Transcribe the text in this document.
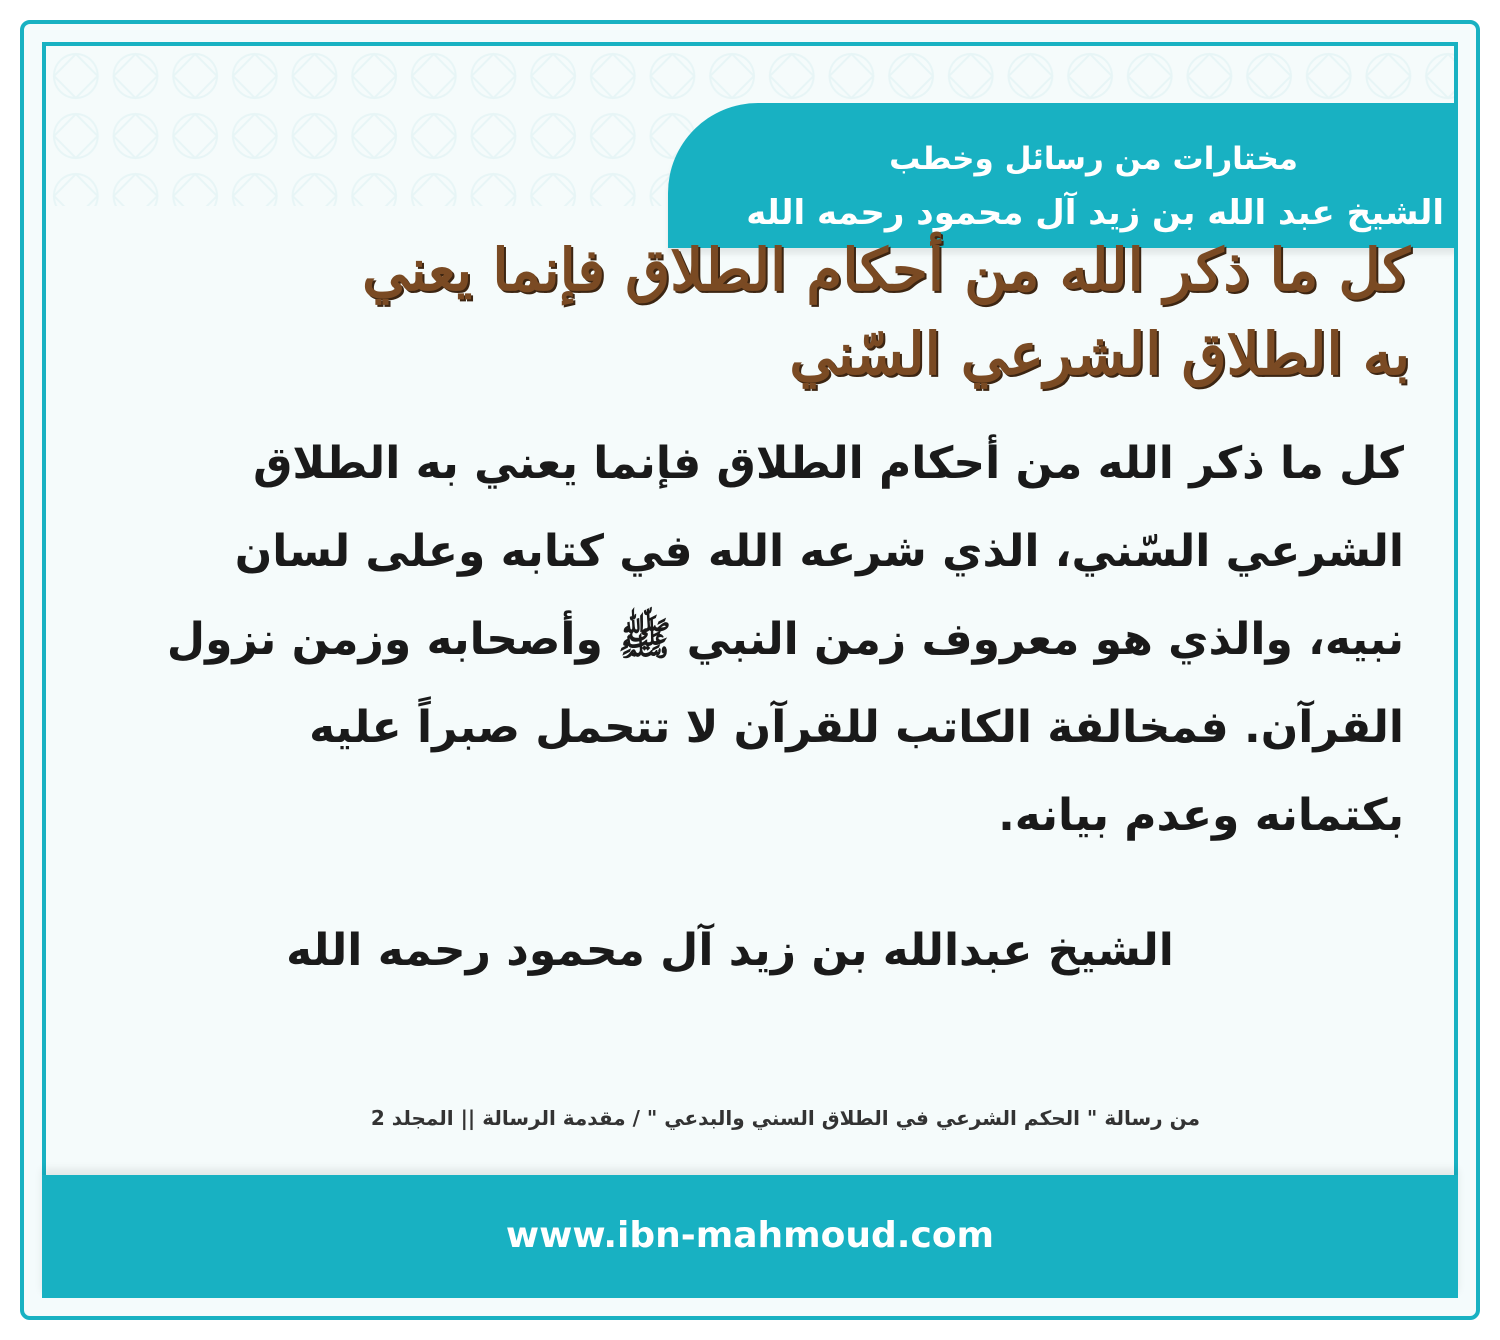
مختارات من رسائل وخطب
الشيخ عبد الله بن زيد آل محمود رحمه الله
كل ما ذكر الله من أحكام الطلاق فإنما يعني
به الطلاق الشرعي السّني
كل ما ذكر الله من أحكام الطلاق فإنما يعني به الطلاق الشرعي السّني، الذي شرعه الله في كتابه وعلى لسان نبيه، والذي هو معروف زمن النبي ﷺ وأصحابه وزمن نزول القرآن. فمخالفة الكاتب للقرآن لا تتحمل صبراً عليه بكتمانه وعدم بيانه.
الشيخ عبدالله بن زيد آل محمود رحمه الله
من رسالة " الحكم الشرعي في الطلاق السني والبدعي " / مقدمة الرسالة || المجلد 2
www.ibn-mahmoud.com
